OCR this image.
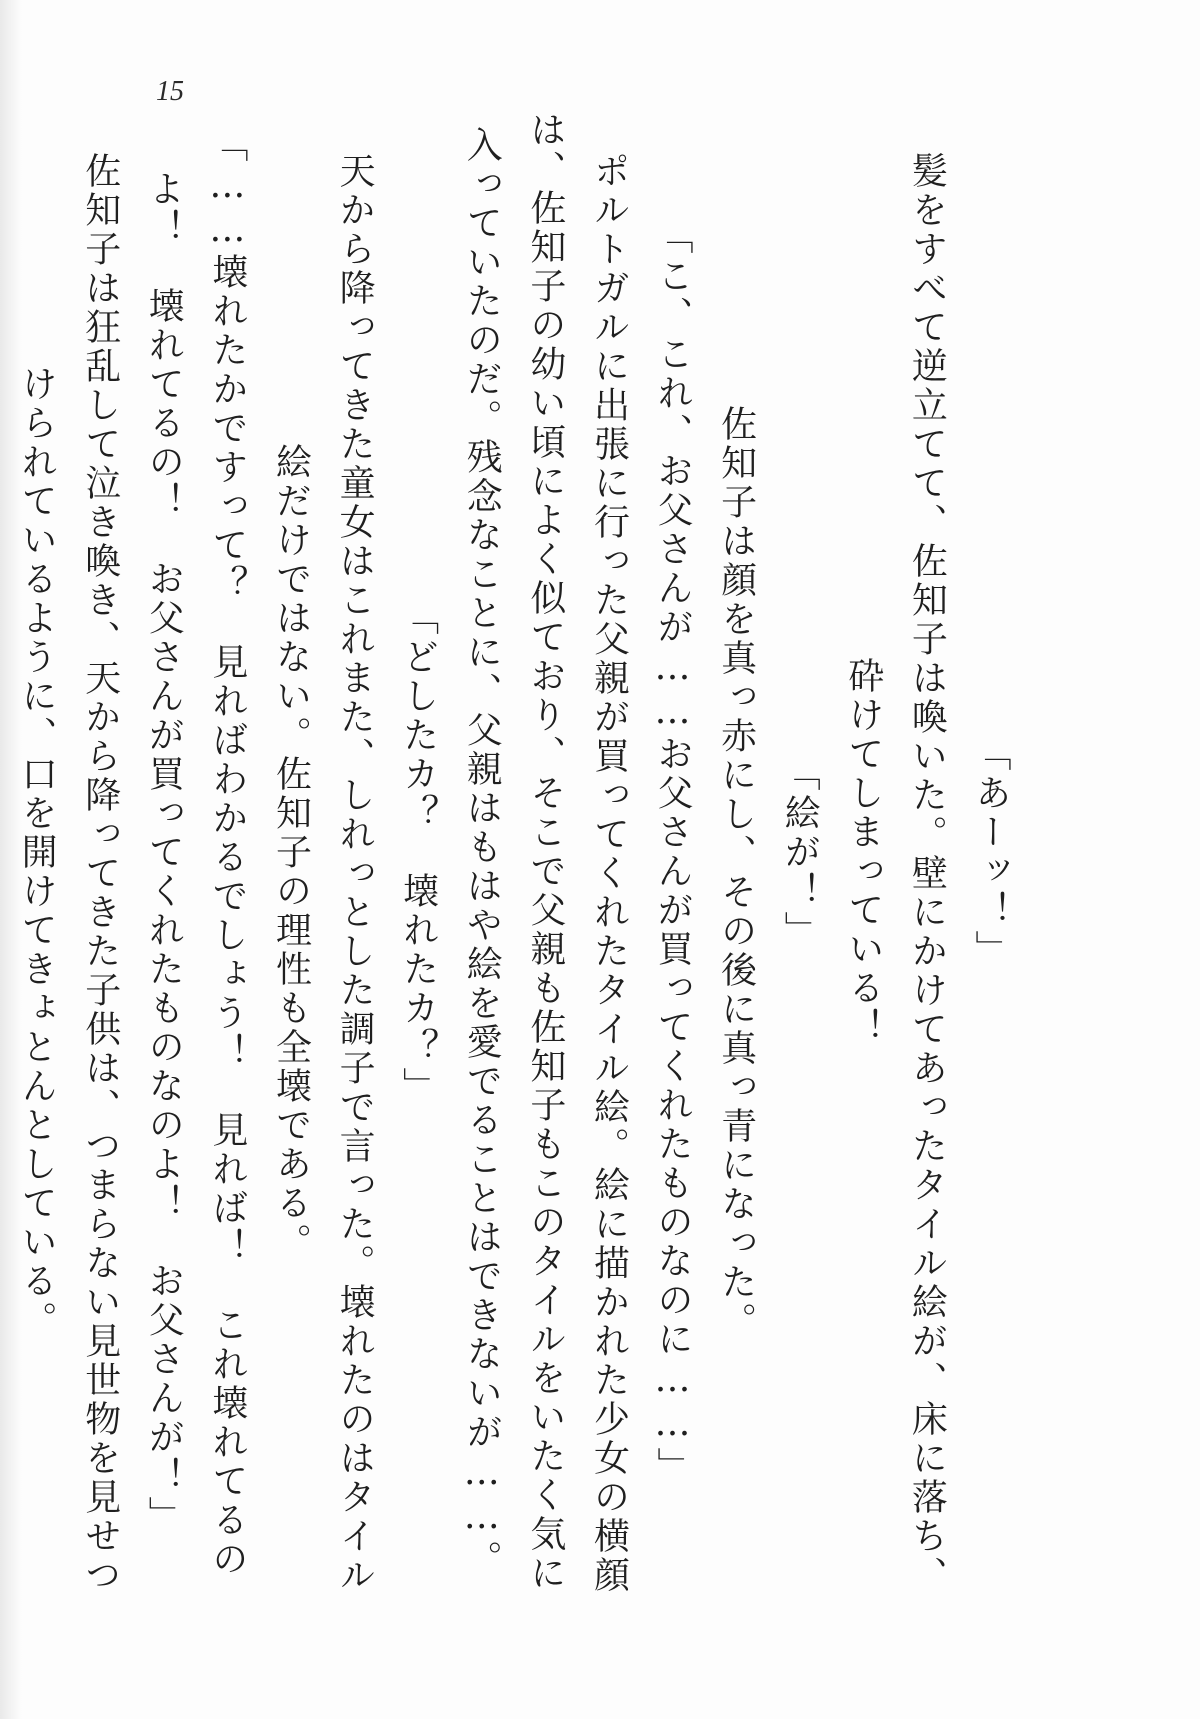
15
「あーッ！」
髪をすべて逆立てて、佐知子は喚いた。壁にかけてあったタイル絵が、床に落ち、
砕けてしまっている！
「絵が！」
佐知子は顔を真っ赤にし、その後に真っ青になった。
「こ、これ、お父さんが……お父さんが買ってくれたものなのに……」
ポルトガルに出張に行った父親が買ってくれたタイル絵。絵に描かれた少女の横顔
は、佐知子の幼い頃によく似ており、そこで父親も佐知子もこのタイルをいたく気に
入っていたのだ。残念なことに、父親はもはや絵を愛でることはできないが……。
「どしたカ？　壊れたカ？」
天から降ってきた童女はこれまた、しれっとした調子で言った。壊れたのはタイル
絵だけではない。佐知子の理性も全壊である。
「……壊れたかですって？　見ればわかるでしょう！　見れば！　これ壊れてるの
よ！　壊れてるの！　お父さんが買ってくれたものなのよ！　お父さんが！」
佐知子は狂乱して泣き喚き、天から降ってきた子供は、つまらない見世物を見せつ
けられているように、口を開けてきょとんとしている。
